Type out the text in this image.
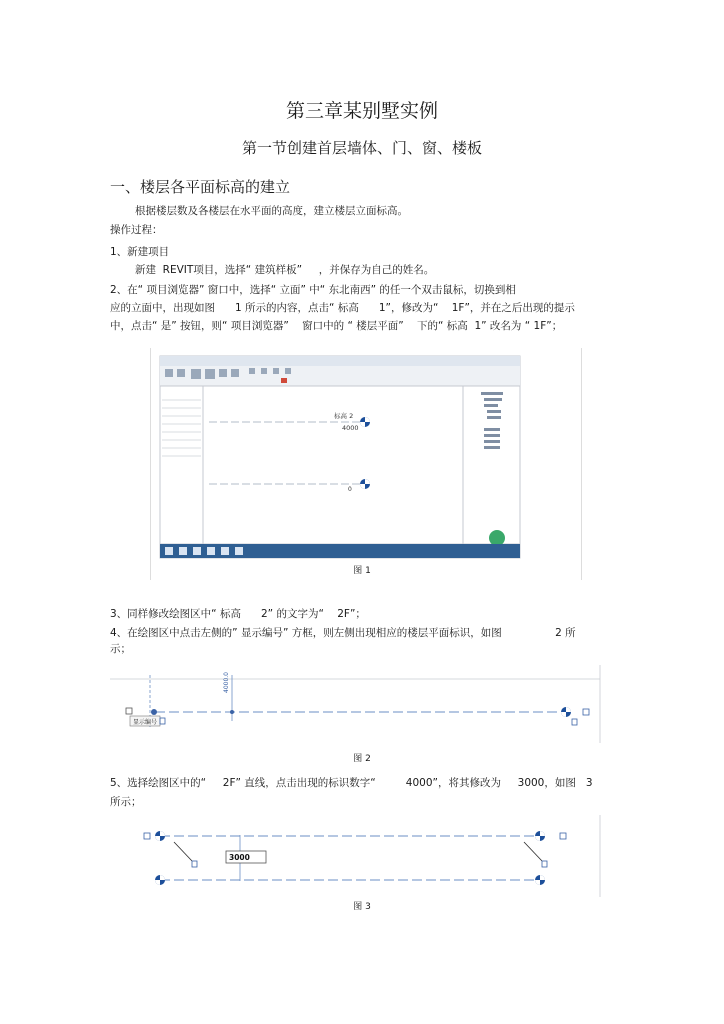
第三章某别墅实例
第一节创建首层墙体、门、窗、楼板
一、楼层各平面标高的建立
根据楼层数及各楼层在水平面的高度，建立楼层立面标高。
操作过程：
1、新建项目
新建  REVIT项目，选择“ 建筑样板”     ，并保存为自己的姓名。
2、在“ 项目浏览器” 窗口中，选择“ 立面” 中“ 东北南西” 的任一个双击鼠标，切换到相
应的立面中，出现如图      1 所示的内容，点击“ 标高      1”，修改为“    1F”，并在之后出现的提示
中，点击“ 是” 按钮，则“ 项目浏览器”    窗口中的 “ 楼层平面”    下的“ 标高  1” 改名为 “ 1F”；
标高 2
4000
0
图 1
3、同样修改绘图区中“ 标高      2” 的文字为“    2F”；
4、在绘图区中点击左侧的” 显示编号” 方框，则左侧出现相应的楼层平面标识，如图                2 所
示；
4000.0
显示编号
图 2
5、选择绘图区中的“     2F” 直线，点击出现的标识数字“         4000”，将其修改为     3000，如图   3
所示；
3000
图 3
